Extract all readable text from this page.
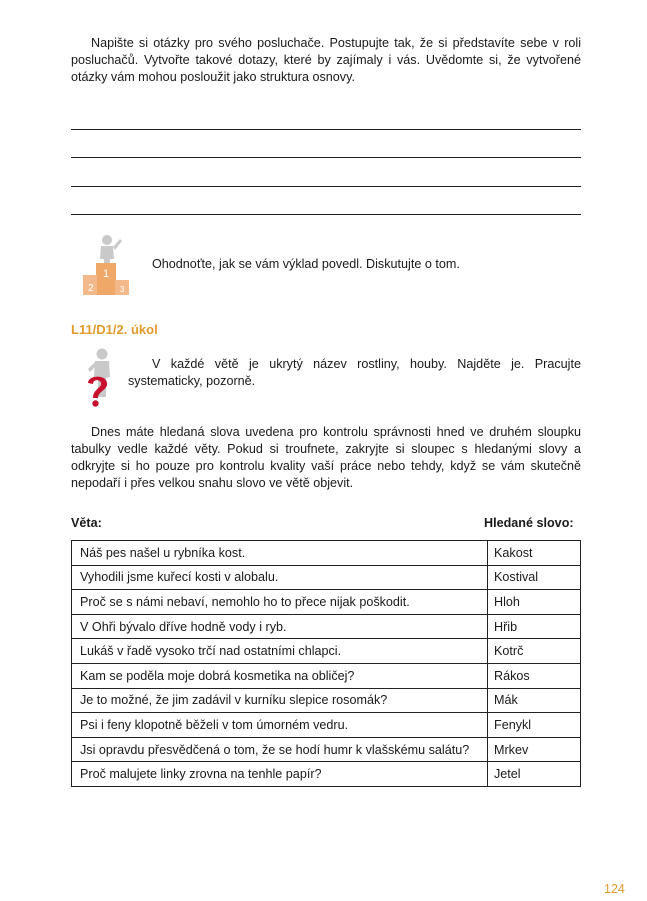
Napište si otázky pro svého posluchače. Postupujte tak, že si představíte sebe v roli posluchačů. Vytvořte takové dotazy, které by zajímaly i vás. Uvědomte si, že vytvořené otázky vám mohou posloužit jako struktura osnovy.

1
2	3

Ohodnoťte, jak se vám výklad povedl. Diskutujte o tom.

L11/D1/2. úkol

V každé větě je ukrytý název rostliny, houby. Najděte je. Pracujte systematicky, pozorně.

Dnes máte hledaná slova uvedena pro kontrolu správnosti hned ve druhém sloupku tabulky vedle každé věty. Pokud si troufnete, zakryjte si sloupec s hledanými slovy a odkryjte si ho pouze pro kontrolu kvality vaší práce nebo tehdy, když se vám skutečně nepodaří i přes velkou snahu slovo ve větě objevit.

Věta:	Hledané slovo:
Náš pes našel u rybníka kost.	Kakost
Vyhodili jsme kuřecí kosti v alobalu.	Kostival
Proč se s námi nebaví, nemohlo ho to přece nijak poškodit.	Hloh
V Ohři bývalo dříve hodně vody i ryb.	Hřib
Lukáš v řadě vysoko trčí nad ostatními chlapci.	Kotrč
Kam se poděla moje dobrá kosmetika na obličej?	Rákos
Je to možné, že jim zadávil v kurníku slepice rosomák?	Mák
Psi i feny klopotně běželi v tom úmorném vedru.	Fenykl
Jsi opravdu přesvědčená o tom, že se hodí humr k vlašskému salátu?	Mrkev
Proč malujete linky zrovna na tenhle papír?	Jetel
124
